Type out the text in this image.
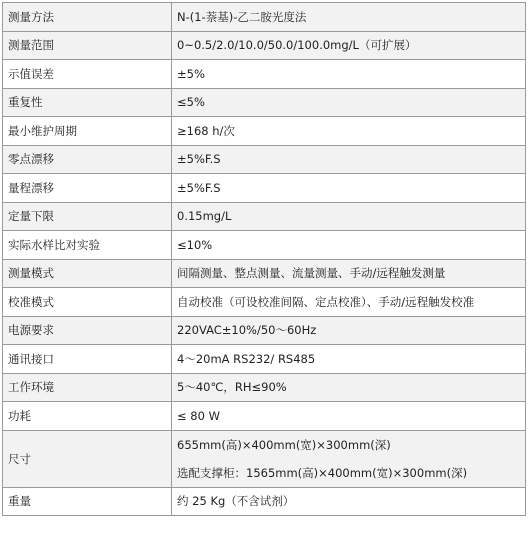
测量方法	N-(1-萘基)-乙二胺光度法
测量范围	0~0.5/2.0/10.0/50.0/100.0mg/L（可扩展）
示值误差	±5%
重复性	≤5%
最小维护周期	≥168 h/次
零点漂移	±5%F.S
量程漂移	±5%F.S
定量下限	0.15mg/L
实际水样比对实验	≤10%
测量模式	间隔测量、整点测量、流量测量、手动/远程触发测量
校准模式	自动校准（可设校准间隔、定点校准）、手动/远程触发校准
电源要求	220VAC±10%/50～60Hz
通讯接口	4～20mA RS232/ RS485
工作环境	5～40℃，RH≤90%
功耗	≤ 80 W
尺寸	655mm(高)×400mm(宽)×300mm(深)
选配支撑柜：1565mm(高)×400mm(宽)×300mm(深)

重量	约 25 Kg（不含试剂）
